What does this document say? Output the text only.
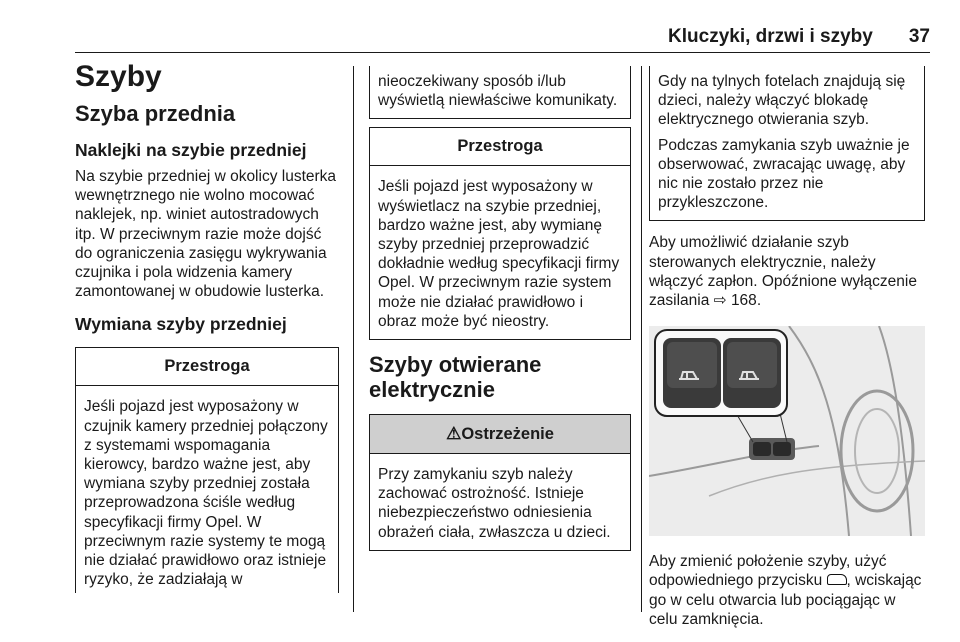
Kluczyki, drzwi i szyby 37
Szyby
Szyba przednia
Naklejki na szybie przedniej

Na szybie przedniej w okolicy lusterka wewnętrznego nie wolno mocować naklejek, np. winiet autostradowych itp. W przeciwnym razie może dojść do ograniczenia zasięgu wykrywania czujnika i pola widzenia kamery zamontowanej w obudowie lusterka.

Wymiana szyby przedniej
Przestroga

Jeśli pojazd jest wyposażony w czujnik kamery przedniej połączony z systemami wspomagania kierowcy, bardzo ważne jest, aby wymiana szyby przedniej została przeprowadzona ściśle według specyfikacji firmy Opel. W przeciwnym razie systemy te mogą nie działać prawidłowo oraz istnieje ryzyko, że zadziałają w

nieoczekiwany sposób i/lub wyświetlą niewłaściwe komunikaty.

Przestroga

Jeśli pojazd jest wyposażony w wyświetlacz na szybie przedniej, bardzo ważne jest, aby wymianę szyby przedniej przeprowadzić dokładnie według specyfikacji firmy Opel. W przeciwnym razie system może nie działać prawidłowo i obraz może być nieostry.

Szyby otwierane elektrycznie
⚠Ostrzeżenie

Przy zamykaniu szyb należy zachować ostrożność. Istnieje niebezpieczeństwo odniesienia obrażeń ciała, zwłaszcza u dzieci.

Gdy na tylnych fotelach znajdują się dzieci, należy włączyć blokadę elektrycznego otwierania szyb.

Podczas zamykania szyb uważnie je obserwować, zwracając uwagę, aby nic nie zostało przez nie przykleszczone.

Aby umożliwić działanie szyb sterowanych elektrycznie, należy włączyć zapłon. Opóźnione wyłączenie zasilania ⇨ 168.

Aby zmienić położenie szyby, użyć odpowiedniego przycisku , wciskając go w celu otwarcia lub pociągając w celu zamknięcia.
